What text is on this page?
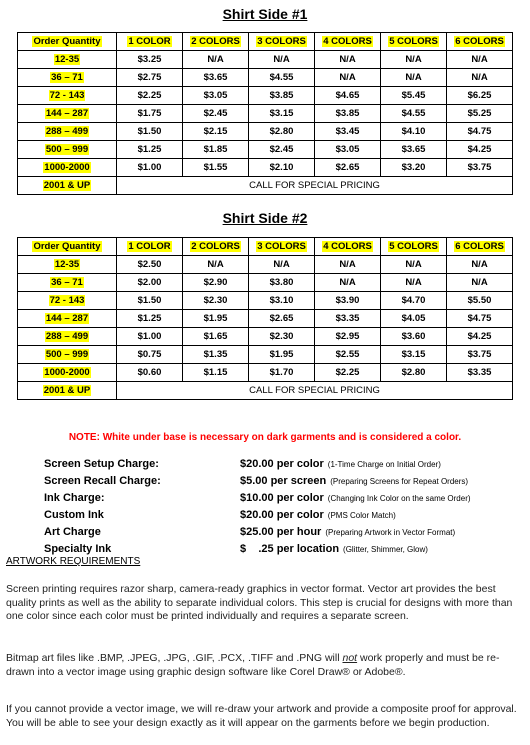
Shirt Side #1
Order Quantity	1 COLOR	2 COLORS	3 COLORS	4 COLORS	5 COLORS	6 COLORS
12-35	$3.25	N/A	N/A	N/A	N/A	N/A
36 – 71	$2.75	$3.65	$4.55	N/A	N/A	N/A
72 - 143	$2.25	$3.05	$3.85	$4.65	$5.45	$6.25
144 – 287	$1.75	$2.45	$3.15	$3.85	$4.55	$5.25
288 – 499	$1.50	$2.15	$2.80	$3.45	$4.10	$4.75
500 – 999	$1.25	$1.85	$2.45	$3.05	$3.65	$4.25
1000-2000	$1.00	$1.55	$2.10	$2.65	$3.20	$3.75
2001 & UP	CALL FOR SPECIAL PRICING					
Shirt Side #2
Order Quantity	1 COLOR	2 COLORS	3 COLORS	4 COLORS	5 COLORS	6 COLORS
12-35	$2.50	N/A	N/A	N/A	N/A	N/A
36 – 71	$2.00	$2.90	$3.80	N/A	N/A	N/A
72 - 143	$1.50	$2.30	$3.10	$3.90	$4.70	$5.50
144 – 287	$1.25	$1.95	$2.65	$3.35	$4.05	$4.75
288 – 499	$1.00	$1.65	$2.30	$2.95	$3.60	$4.25
500 – 999	$0.75	$1.35	$1.95	$2.55	$3.15	$3.75
1000-2000	$0.60	$1.15	$1.70	$2.25	$2.80	$3.35
2001 & UP	CALL FOR SPECIAL PRICING					
NOTE: White under base is necessary on dark garments and is considered a color.
Screen Setup Charge:	$20.00 per color (1-Time Charge on Initial Order)
Screen Recall Charge:	$5.00 per screen (Preparing Screens for Repeat Orders)
Ink Charge:	$10.00 per color (Changing Ink Color on the same Order)
Custom Ink	$20.00 per color (PMS Color Match)
Art Charge	$25.00 per hour (Preparing Artwork in Vector Format)
Specialty Ink	$    .25 per location (Glitter, Shimmer, Glow)
ARTWORK REQUIREMENTS

Screen printing requires razor sharp, camera-ready graphics in vector format. Vector art provides the best quality prints as well as the ability to separate individual colors. This step is crucial for designs with more than one color since each color must be printed individually and requires a separate screen.

Bitmap art files like .BMP, .JPEG, .JPG, .GIF, .PCX, .TIFF and .PNG will not work properly and must be re-drawn into a vector image using graphic design software like Corel Draw® or Adobe®.

If you cannot provide a vector image, we will re-draw your artwork and provide a composite proof for approval. You will be able to see your design exactly as it will appear on the garments before we begin production.
